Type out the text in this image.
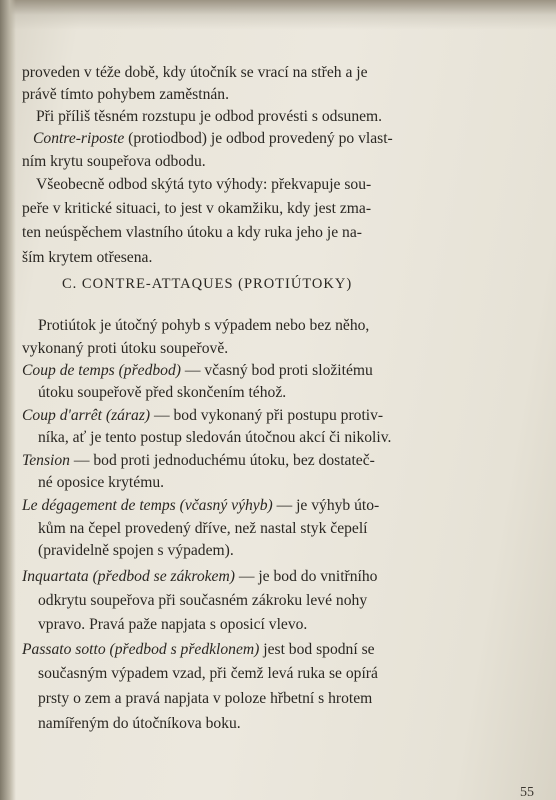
proveden v téže době, kdy útočník se vrací na střeh a je
právě tímto pohybem zaměstnán.
Při příliš těsném rozstupu je odbod provésti s odsunem.
Contre-riposte (protiodbod) je odbod provedený po vlast-
ním krytu soupeřova odbodu.
Všeobecně odbod skýtá tyto výhody: překvapuje sou-
peře v kritické situaci, to jest v okamžiku, kdy jest zma-
ten neúspěchem vlastního útoku a kdy ruka jeho je na-
ším krytem otřesena.
C. CONTRE-ATTAQUES (PROTIÚTOKY)
Protiútok je útočný pohyb s výpadem nebo bez něho,
vykonaný proti útoku soupeřově.
Coup de temps (předbod) — včasný bod proti složitému
útoku soupeřově před skončením téhož.
Coup d'arrêt (záraz) — bod vykonaný při postupu protiv-
níka, ať je tento postup sledován útočnou akcí či nikoliv.
Tension — bod proti jednoduchému útoku, bez dostateč-
né oposice krytému.
Le dégagement de temps (včasný výhyb) — je výhyb úto-
kům na čepel provedený dříve, než nastal styk čepelí
(pravidelně spojen s výpadem).
Inquartata (předbod se zákrokem) — je bod do vnitřního
odkrytu soupeřova při současném zákroku levé nohy
vpravo. Pravá paže napjata s oposicí vlevo.
Passato sotto (předbod s předklonem) jest bod spodní se
současným výpadem vzad, při čemž levá ruka se opírá
prsty o zem a pravá napjata v poloze hřbetní s hrotem
namířeným do útočníkova boku.
55
